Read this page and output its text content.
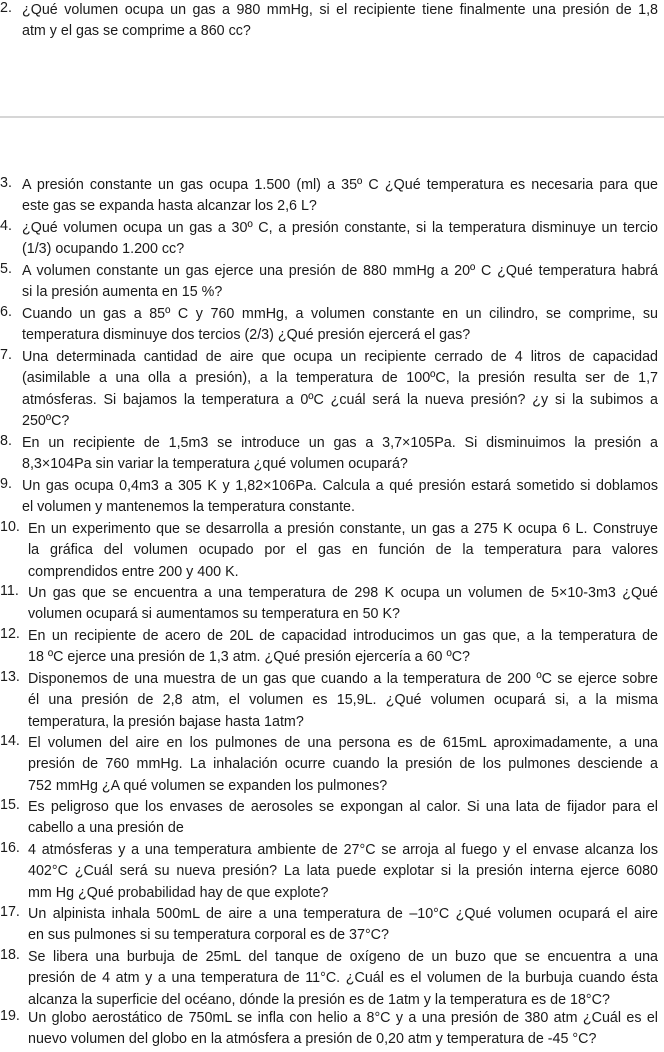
2. ¿Qué volumen ocupa un gas a 980 mmHg, si el recipiente tiene finalmente una presión de 1,8
atm y el gas se comprime a 860 cc?
3. A presión constante un gas ocupa 1.500 (ml) a 35º C ¿Qué temperatura es necesaria para que
este gas se expanda hasta alcanzar los 2,6 L?
4. ¿Qué volumen ocupa un gas a 30º C, a presión constante, si la temperatura disminuye un tercio
(1/3) ocupando 1.200 cc?
5. A volumen constante un gas ejerce una presión de 880 mmHg a 20º C ¿Qué temperatura habrá
si la presión aumenta en 15 %?
6. Cuando un gas a 85º C y 760 mmHg, a volumen constante en un cilindro, se comprime, su
temperatura disminuye dos tercios (2/3) ¿Qué presión ejercerá el gas?
7. Una determinada cantidad de aire que ocupa un recipiente cerrado de 4 litros de capacidad
(asimilable a una olla a presión), a la temperatura de 100ºC, la presión resulta ser de 1,7
atmósferas. Si bajamos la temperatura a 0ºC ¿cuál será la nueva presión? ¿y si la subimos a
250ºC?
8. En un recipiente de 1,5m3 se introduce un gas a 3,7×105Pa. Si disminuimos la presión a
8,3×104Pa sin variar la temperatura ¿qué volumen ocupará?
9. Un gas ocupa 0,4m3 a 305 K y 1,82×106Pa. Calcula a qué presión estará sometido si doblamos
el volumen y mantenemos la temperatura constante.
10. En un experimento que se desarrolla a presión constante, un gas a 275 K ocupa 6 L. Construye
la gráfica del volumen ocupado por el gas en función de la temperatura para valores
comprendidos entre 200 y 400 K.
11. Un gas que se encuentra a una temperatura de 298 K ocupa un volumen de 5×10-3m3 ¿Qué
volumen ocupará si aumentamos su temperatura en 50 K?
12. En un recipiente de acero de 20L de capacidad introducimos un gas que, a la temperatura de
18 ºC ejerce una presión de 1,3 atm. ¿Qué presión ejercería a 60 ºC?
13. Disponemos de una muestra de un gas que cuando a la temperatura de 200 ºC se ejerce sobre
él una presión de 2,8 atm, el volumen es 15,9L. ¿Qué volumen ocupará si, a la misma
temperatura, la presión bajase hasta 1atm?
14. El volumen del aire en los pulmones de una persona es de 615mL aproximadamente, a una
presión de 760 mmHg. La inhalación ocurre cuando la presión de los pulmones desciende a
752 mmHg ¿A qué volumen se expanden los pulmones?
15. Es peligroso que los envases de aerosoles se expongan al calor. Si una lata de fijador para el
cabello a una presión de
16. 4 atmósferas y a una temperatura ambiente de 27°C se arroja al fuego y el envase alcanza los
402°C ¿Cuál será su nueva presión? La lata puede explotar si la presión interna ejerce 6080
mm Hg ¿Qué probabilidad hay de que explote?
17. Un alpinista inhala 500mL de aire a una temperatura de –10°C ¿Qué volumen ocupará el aire
en sus pulmones si su temperatura corporal es de 37°C?
18. Se libera una burbuja de 25mL del tanque de oxígeno de un buzo que se encuentra a una
presión de 4 atm y a una temperatura de 11°C. ¿Cuál es el volumen de la burbuja cuando ésta
alcanza la superficie del océano, dónde la presión es de 1atm y la temperatura es de 18°C?
19. Un globo aerostático de 750mL se infla con helio a 8°C y a una presión de 380 atm ¿Cuál es el
nuevo volumen del globo en la atmósfera a presión de 0,20 atm y temperatura de -45 °C?
